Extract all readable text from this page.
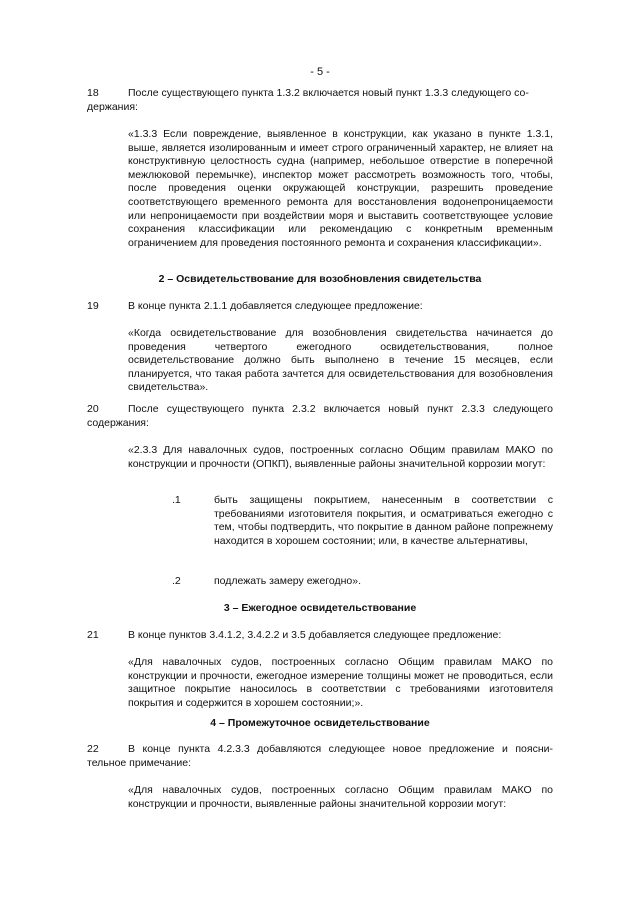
- 5 -
18	После существующего пункта 1.3.2 включается новый пункт 1.3.3 следующего со-
держания:
«1.3.3 Если повреждение, выявленное в конструкции, как указано в пункте 1.3.1, выше, является изолированным и имеет строго ограниченный характер, не влияет на конструктивную целостность судна (например, небольшое отверстие в поперечной межлюковой перемычке), инспектор может рассмотреть возможность того, чтобы, после проведения оценки окружающей конструкции, разрешить проведение соответствующего временного ремонта для восстановления водонепроницаемости или непроницаемости при воздействии моря и выставить соответствующее условие сохранения классификации или рекомендацию с конкретным временным ограничением для проведения постоянного ремонта и сохранения классификации».
2 – Освидетельствование для возобновления свидетельства
19	В конце пункта 2.1.1 добавляется следующее предложение:
«Когда освидетельствование для возобновления свидетельства начинается до проведения четвертого ежегодного освидетельствования, полное освидетельствование должно быть выполнено в течение 15 месяцев, если планируется, что такая работа зачтется для освидетельствования для возобновления свидетельства».
20	После существующего пункта 2.3.2 включается новый пункт 2.3.3 следующего
содержания:
«2.3.3 Для навалочных судов, построенных согласно Общим правилам МАКО по конструкции и прочности (ОПКП), выявленные районы значительной коррозии могут:
.1	быть защищены покрытием, нанесенным в соответствии с требованиями изготовителя покрытия, и осматриваться ежегодно с тем, чтобы подтвердить, что покрытие в данном районе попрежнему находится в хорошем состоянии; или, в качестве альтернативы,
.2	подлежать замеру ежегодно».
3 – Ежегодное освидетельствование
21	В конце пунктов 3.4.1.2, 3.4.2.2 и 3.5 добавляется следующее предложение:
«Для навалочных судов, построенных согласно Общим правилам МАКО по конструкции и прочности, ежегодное измерение толщины может не проводиться, если защитное покрытие наносилось в соответствии с требованиями изготовителя покрытия и содержится в хорошем состоянии;».
4 – Промежуточное освидетельствование
22	В конце пункта 4.2.3.3 добавляются следующее новое предложение и поясни-
тельное примечание:
«Для навалочных судов, построенных согласно Общим правилам МАКО по конструкции и прочности, выявленные районы значительной коррозии могут:
